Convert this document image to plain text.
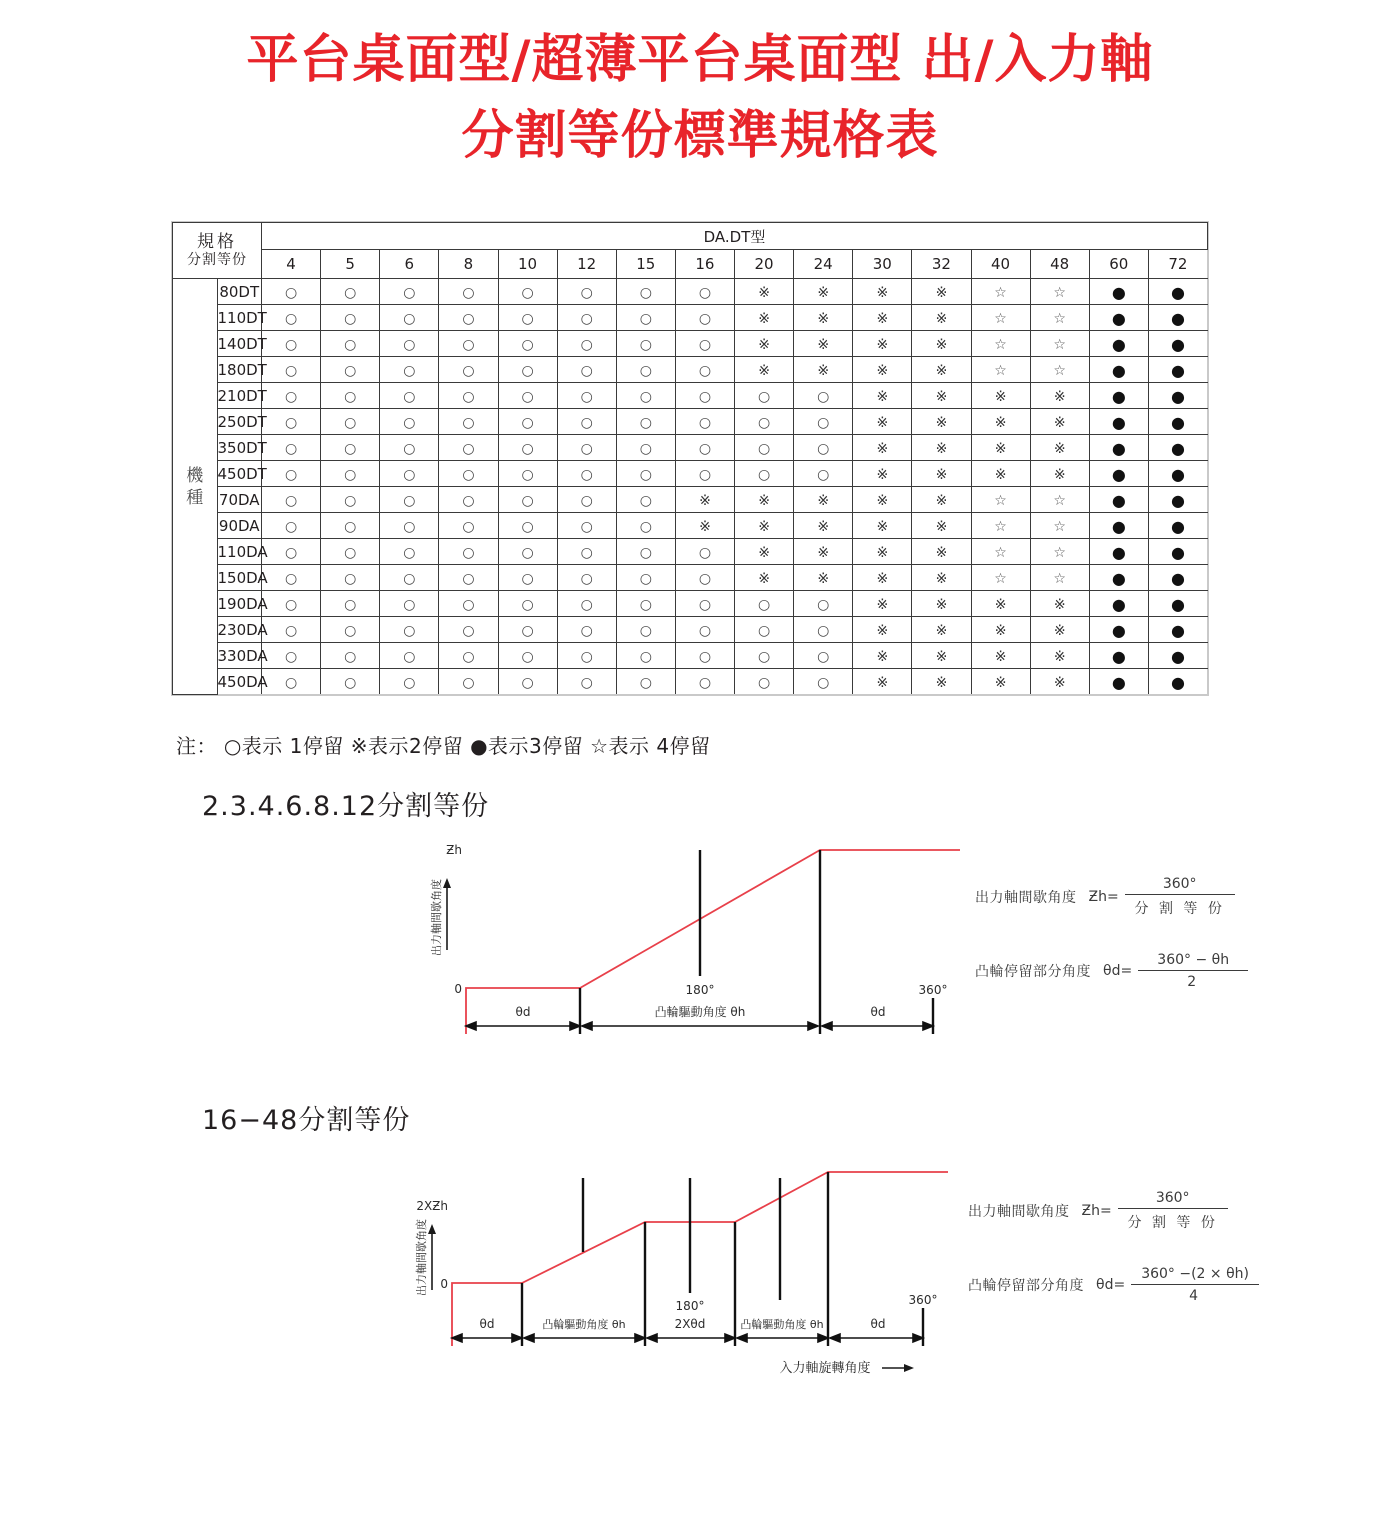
平台桌面型/超薄平台桌面型 出/入力軸
分割等份標準規格表
規格
分割等份		DA.DT型															
		4	5	6	8	10	12	15	16	20	24	30	32	40	48	60	72

機
種	80DT	○	○	○	○	○	○	○	○	※	※	※	※	☆	☆	●	●
	110DT	○	○	○	○	○	○	○	○	※	※	※	※	☆	☆	●	●
	140DT	○	○	○	○	○	○	○	○	※	※	※	※	☆	☆	●	●
	180DT	○	○	○	○	○	○	○	○	※	※	※	※	☆	☆	●	●
	210DT	○	○	○	○	○	○	○	○	○	○	※	※	※	※	●	●
	250DT	○	○	○	○	○	○	○	○	○	○	※	※	※	※	●	●
	350DT	○	○	○	○	○	○	○	○	○	○	※	※	※	※	●	●
	450DT	○	○	○	○	○	○	○	○	○	○	※	※	※	※	●	●
	70DA	○	○	○	○	○	○	○	※	※	※	※	※	☆	☆	●	●
	90DA	○	○	○	○	○	○	○	※	※	※	※	※	☆	☆	●	●
	110DA	○	○	○	○	○	○	○	○	※	※	※	※	☆	☆	●	●
	150DA	○	○	○	○	○	○	○	○	※	※	※	※	☆	☆	●	●
	190DA	○	○	○	○	○	○	○	○	○	○	※	※	※	※	●	●
	230DA	○	○	○	○	○	○	○	○	○	○	※	※	※	※	●	●
	330DA	○	○	○	○	○	○	○	○	○	○	※	※	※	※	●	●
	450DA	○	○	○	○	○	○	○	○	○	○	※	※	※	※	●	●
注： ○表示 1停留 ※表示2停留 ●表示3停留 ☆表示 4停留
2.3.4.6.8.12分割等份
出力軸間歇角度
Ƶh
0	180°	360°
θd	凸輪驅動角度 θh	θd
出力軸間歇角度 Ƶh= $\frac{360^\circ}{\text{分 割 等 份}}$
凸輪停留部分角度 $\theta d= \frac{360^\circ - \theta h}{2}$
16−48分割等份
出力軸間歇角度
2XƵh
0
180°	360°
θd	凸輪驅動角度 θh	2Xθd	凸輪驅動角度 θh	θd
入力軸旋轉角度
出力軸間歇角度 Ƶh= $\frac{360^\circ}{\text{分 割 等 份}}$
凸輪停留部分角度 $\theta d= \frac{360^\circ -(2 \times \theta h)}{4}$
